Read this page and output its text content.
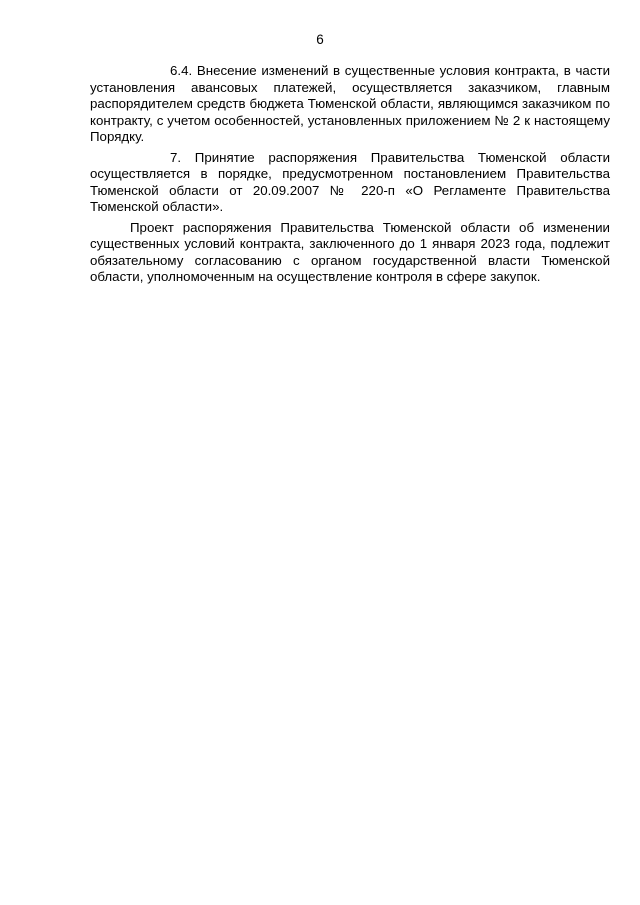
6

6.4. Внесение изменений в существенные условия контракта, в части установления авансовых платежей, осуществляется заказчиком, главным распорядителем средств бюджета Тюменской области, являющимся заказчиком по контракту, с учетом особенностей, установленных приложением № 2 к настоящему Порядку.

7. Принятие распоряжения Правительства Тюменской области осуществляется в порядке, предусмотренном постановлением Правительства Тюменской области от 20.09.2007 № 220-п «О Регламенте Правительства Тюменской области».

Проект распоряжения Правительства Тюменской области об изменении существенных условий контракта, заключенного до 1 января 2023 года, подлежит обязательному согласованию с органом государственной власти Тюменской области, уполномоченным на осуществление контроля в сфере закупок.
